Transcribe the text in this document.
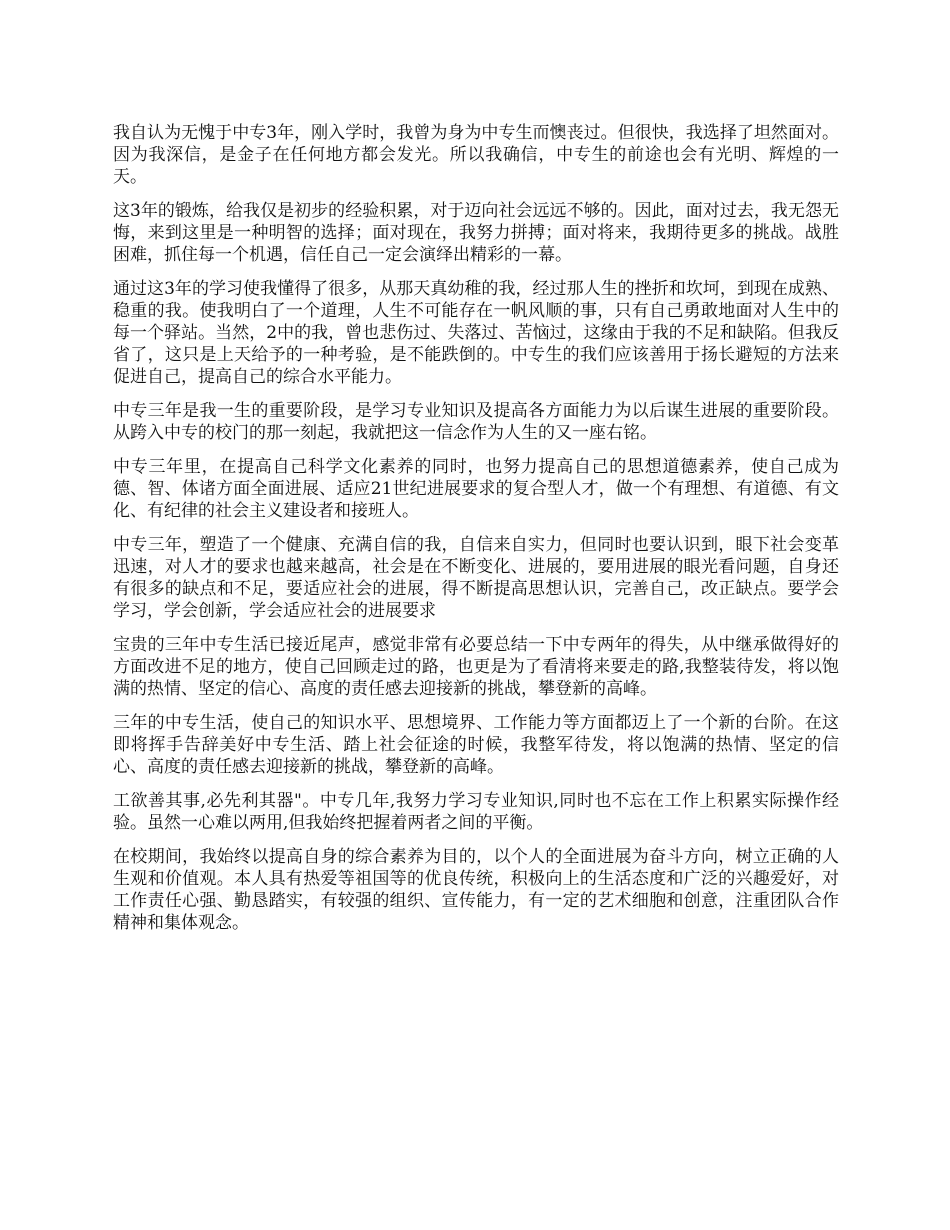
我自认为无愧于中专3年，刚入学时，我曾为身为中专生而懊丧过。但很快，我选择了坦然面对。因为我深信，是金子在任何地方都会发光。所以我确信，中专生的前途也会有光明、辉煌的一天。

这3年的锻炼，给我仅是初步的经验积累，对于迈向社会远远不够的。因此，面对过去，我无怨无悔，来到这里是一种明智的选择；面对现在，我努力拼搏；面对将来，我期待更多的挑战。战胜困难，抓住每一个机遇，信任自己一定会演绎出精彩的一幕。

通过这3年的学习使我懂得了很多，从那天真幼稚的我，经过那人生的挫折和坎坷，到现在成熟、稳重的我。使我明白了一个道理，人生不可能存在一帆风顺的事，只有自己勇敢地面对人生中的每一个驿站。当然，2中的我，曾也悲伤过、失落过、苦恼过，这缘由于我的不足和缺陷。但我反省了，这只是上天给予的一种考验，是不能跌倒的。中专生的我们应该善用于扬长避短的方法来促进自己，提高自己的综合水平能力。

中专三年是我一生的重要阶段，是学习专业知识及提高各方面能力为以后谋生进展的重要阶段。从跨入中专的校门的那一刻起，我就把这一信念作为人生的又一座右铭。

中专三年里，在提高自己科学文化素养的同时，也努力提高自己的思想道德素养，使自己成为德、智、体诸方面全面进展、适应21世纪进展要求的复合型人才，做一个有理想、有道德、有文化、有纪律的社会主义建设者和接班人。

中专三年，塑造了一个健康、充满自信的我，自信来自实力，但同时也要认识到，眼下社会变革迅速，对人才的要求也越来越高，社会是在不断变化、进展的，要用进展的眼光看问题，自身还有很多的缺点和不足，要适应社会的进展，得不断提高思想认识，完善自己，改正缺点。要学会学习，学会创新，学会适应社会的进展要求

宝贵的三年中专生活已接近尾声，感觉非常有必要总结一下中专两年的得失，从中继承做得好的方面改进不足的地方，使自己回顾走过的路，也更是为了看清将来要走的路,我整装待发，将以饱满的热情、坚定的信心、高度的责任感去迎接新的挑战，攀登新的高峰。

三年的中专生活，使自己的知识水平、思想境界、工作能力等方面都迈上了一个新的台阶。在这即将挥手告辞美好中专生活、踏上社会征途的时候，我整军待发，将以饱满的热情、坚定的信心、高度的责任感去迎接新的挑战，攀登新的高峰。

工欲善其事,必先利其器"。中专几年,我努力学习专业知识,同时也不忘在工作上积累实际操作经验。虽然一心难以两用,但我始终把握着两者之间的平衡。

在校期间，我始终以提高自身的综合素养为目的，以个人的全面进展为奋斗方向，树立正确的人生观和价值观。本人具有热爱等祖国等的优良传统，积极向上的生活态度和广泛的兴趣爱好，对工作责任心强、勤恳踏实，有较强的组织、宣传能力，有一定的艺术细胞和创意，注重团队合作精神和集体观念。
